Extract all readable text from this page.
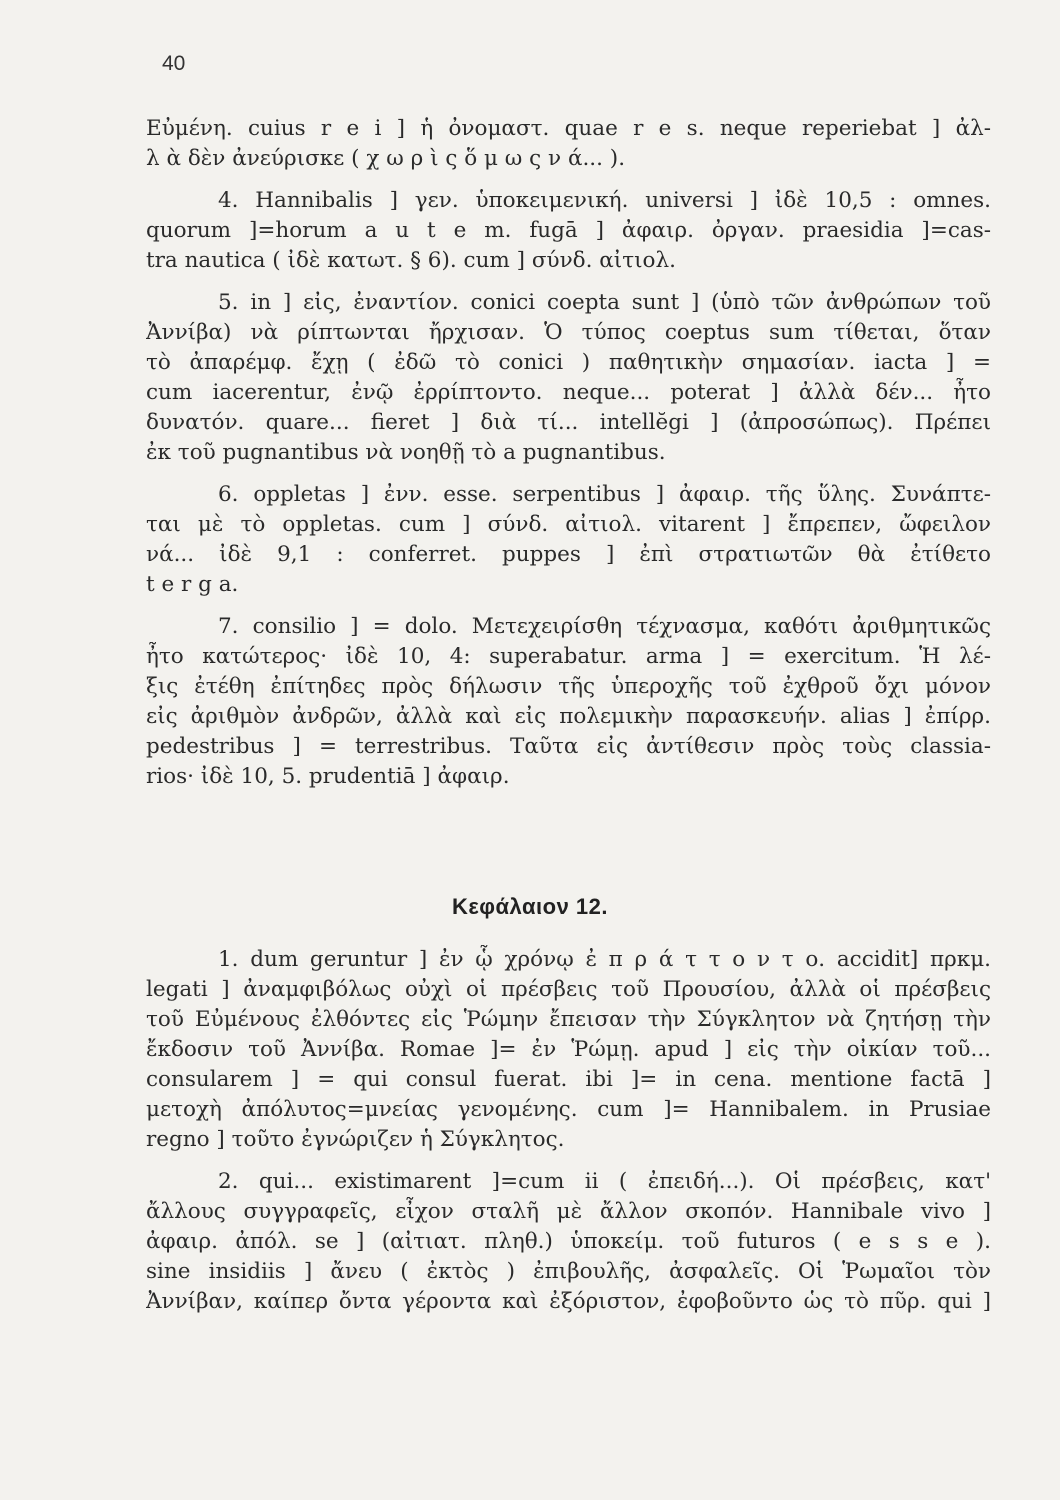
40
Εὐμένη. cuius r e i ] ἡ ὀνομαστ. quae r e s. neque reperiebat ] ἀλ-
λ ὰ δὲν ἀνεύρισκε ( χ ω ρ ὶ ς ὅ μ ω ς ν ά... ).
4. Hannibalis ] γεν. ὑποκειμενική. universi ] ἰδὲ 10,5 : omnes.
quorum ]=horum a u t e m. fugā ] ἀφαιρ. ὀργαν. praesidia ]=cas-
tra nautica ( ἰδὲ κατωτ. § 6). cum ] σύνδ. αἰτιολ.
5. in ] εἰς, ἐναντίον. conici coepta sunt ] (ὑπὸ τῶν ἀνθρώπων τοῦ
Ἀννίβα) νὰ ρίπτωνται ἤρχισαν. Ὁ τύπος coeptus sum τίθεται, ὅταν
τὸ ἀπαρέμφ. ἔχῃ ( ἐδῶ τὸ conici ) παθητικὴν σημασίαν. iacta ] =
cum iacerentur, ἐνῷ ἐρρίπτοντο. neque... poterat ] ἀλλὰ δέν... ἦτο
δυνατόν. quare... fieret ] διὰ τί... intellĕgi ] (ἀπροσώπως). Πρέπει
ἐκ τοῦ pugnantibus νὰ νοηθῇ τὸ a pugnantibus.
6. oppletas ] ἐνν. esse. serpentibus ] ἀφαιρ. τῆς ὕλης. Συνάπτε-
ται μὲ τὸ oppletas. cum ] σύνδ. αἰτιολ. vitarent ] ἔπρεπεν, ὤφειλον
νά... ἰδὲ 9,1 : conferret. puppes ] ἐπὶ στρατιωτῶν θὰ ἐτίθετο
t e r g a.
7. consilio ] = dolo. Μετεχειρίσθη τέχνασμα, καθότι ἀριθμητικῶς
ἦτο κατώτερος· ἰδὲ 10, 4: superabatur. arma ] = exercitum. Ἡ λέ-
ξις ἐτέθη ἐπίτηδες πρὸς δήλωσιν τῆς ὑπεροχῆς τοῦ ἐχθροῦ ὄχι μόνον
εἰς ἀριθμὸν ἀνδρῶν, ἀλλὰ καὶ εἰς πολεμικὴν παρασκευήν. alias ] ἐπίρρ.
pedestribus ] = terrestribus. Ταῦτα εἰς ἀντίθεσιν πρὸς τοὺς classia-
rios· ἰδὲ 10, 5. prudentiā ] ἀφαιρ.
Κεφάλαιον 12.
1. dum geruntur ] ἐν ᾧ χρόνῳ ἐ π ρ ά τ τ ο ν τ ο. accidit] πρκμ.
legati ] ἀναμφιβόλως οὐχὶ οἱ πρέσβεις τοῦ Προυσίου, ἀλλὰ οἱ πρέσβεις
τοῦ Εὐμένους ἐλθόντες εἰς Ῥώμην ἔπεισαν τὴν Σύγκλητον νὰ ζητήσῃ τὴν
ἔκδοσιν τοῦ Ἀννίβα. Romae ]= ἐν Ῥώμῃ. apud ] εἰς τὴν οἰκίαν τοῦ...
consularem ] = qui consul fuerat. ibi ]= in cena. mentione factā ]
μετοχὴ ἀπόλυτος=μνείας γενομένης. cum ]= Hannibalem. in Prusiae
regno ] τοῦτο ἐγνώριζεν ἡ Σύγκλητος.
2. qui... existimarent ]=cum ii ( ἐπειδή...). Οἱ πρέσβεις, κατ'
ἄλλους συγγραφεῖς, εἶχον σταλῆ μὲ ἄλλον σκοπόν. Hannibale vivo ]
ἀφαιρ. ἀπόλ. se ] (αἰτιατ. πληθ.) ὑποκείμ. τοῦ futuros ( e s s e ).
sine insidiis ] ἄνευ ( ἐκτὸς ) ἐπιβουλῆς, ἀσφαλεῖς. Οἱ Ῥωμαῖοι τὸν
Ἀννίβαν, καίπερ ὄντα γέροντα καὶ ἐξόριστον, ἐφοβοῦντο ὡς τὸ πῦρ. qui ]
